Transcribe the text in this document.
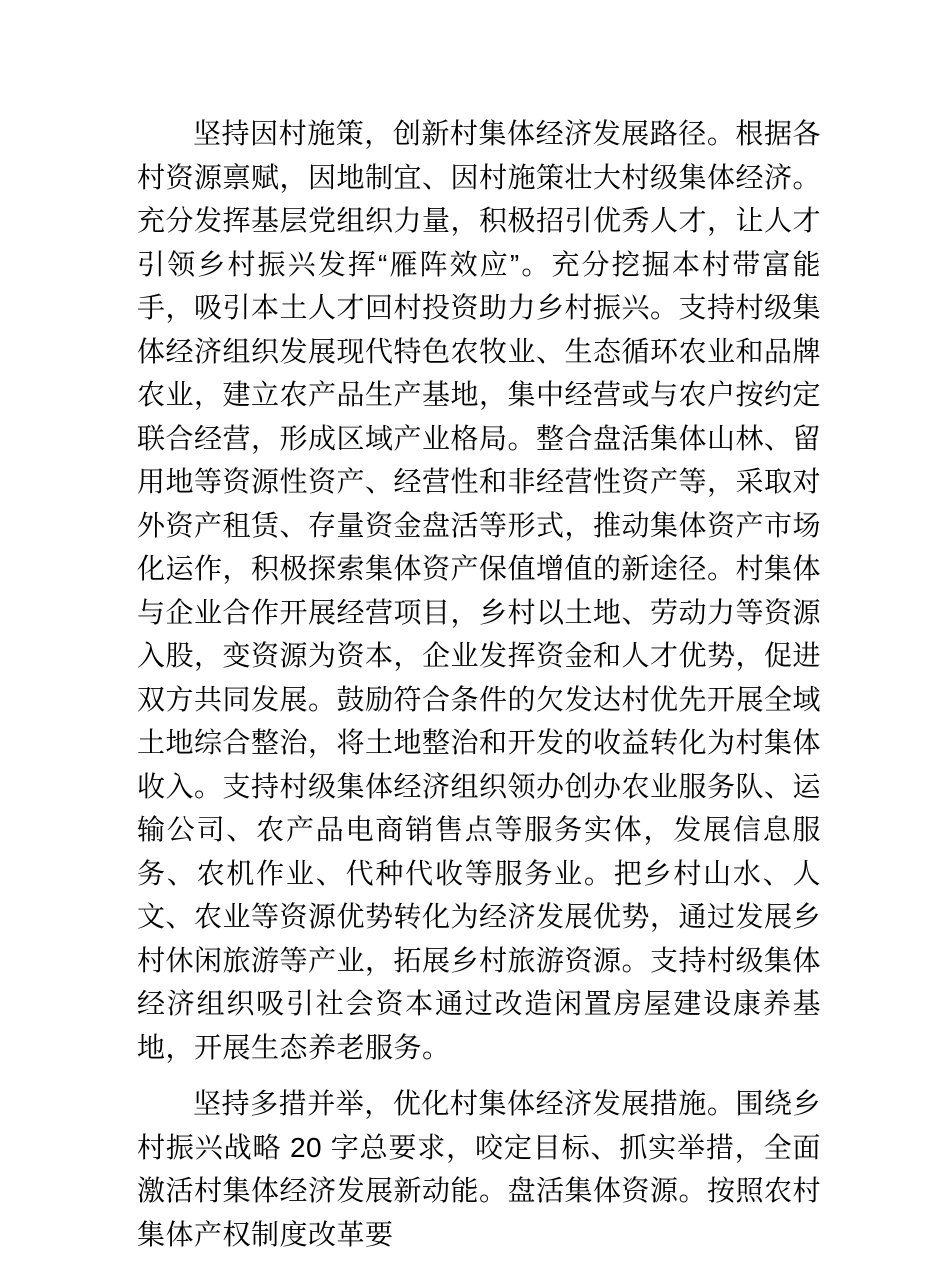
坚持因村施策，创新村集体经济发展路径。根据各村资源禀赋，因地制宜、因村施策壮大村级集体经济。充分发挥基层党组织力量，积极招引优秀人才，让人才引领乡村振兴发挥“雁阵效应”。充分挖掘本村带富能手，吸引本土人才回村投资助力乡村振兴。支持村级集体经济组织发展现代特色农牧业、生态循环农业和品牌农业，建立农产品生产基地，集中经营或与农户按约定联合经营，形成区域产业格局。整合盘活集体山林、留用地等资源性资产、经营性和非经营性资产等，采取对外资产租赁、存量资金盘活等形式，推动集体资产市场化运作，积极探索集体资产保值增值的新途径。村集体与企业合作开展经营项目，乡村以土地、劳动力等资源入股，变资源为资本，企业发挥资金和人才优势，促进双方共同发展。鼓励符合条件的欠发达村优先开展全域土地综合整治，将土地整治和开发的收益转化为村集体收入。支持村级集体经济组织领办创办农业服务队、运输公司、农产品电商销售点等服务实体，发展信息服务、农机作业、代种代收等服务业。把乡村山水、人文、农业等资源优势转化为经济发展优势，通过发展乡村休闲旅游等产业，拓展乡村旅游资源。支持村级集体经济组织吸引社会资本通过改造闲置房屋建设康养基地，开展生态养老服务。

坚持多措并举，优化村集体经济发展措施。围绕乡村振兴战略 20 字总要求，咬定目标、抓实举措，全面激活村集体经济发展新动能。盘活集体资源。按照农村集体产权制度改革要
